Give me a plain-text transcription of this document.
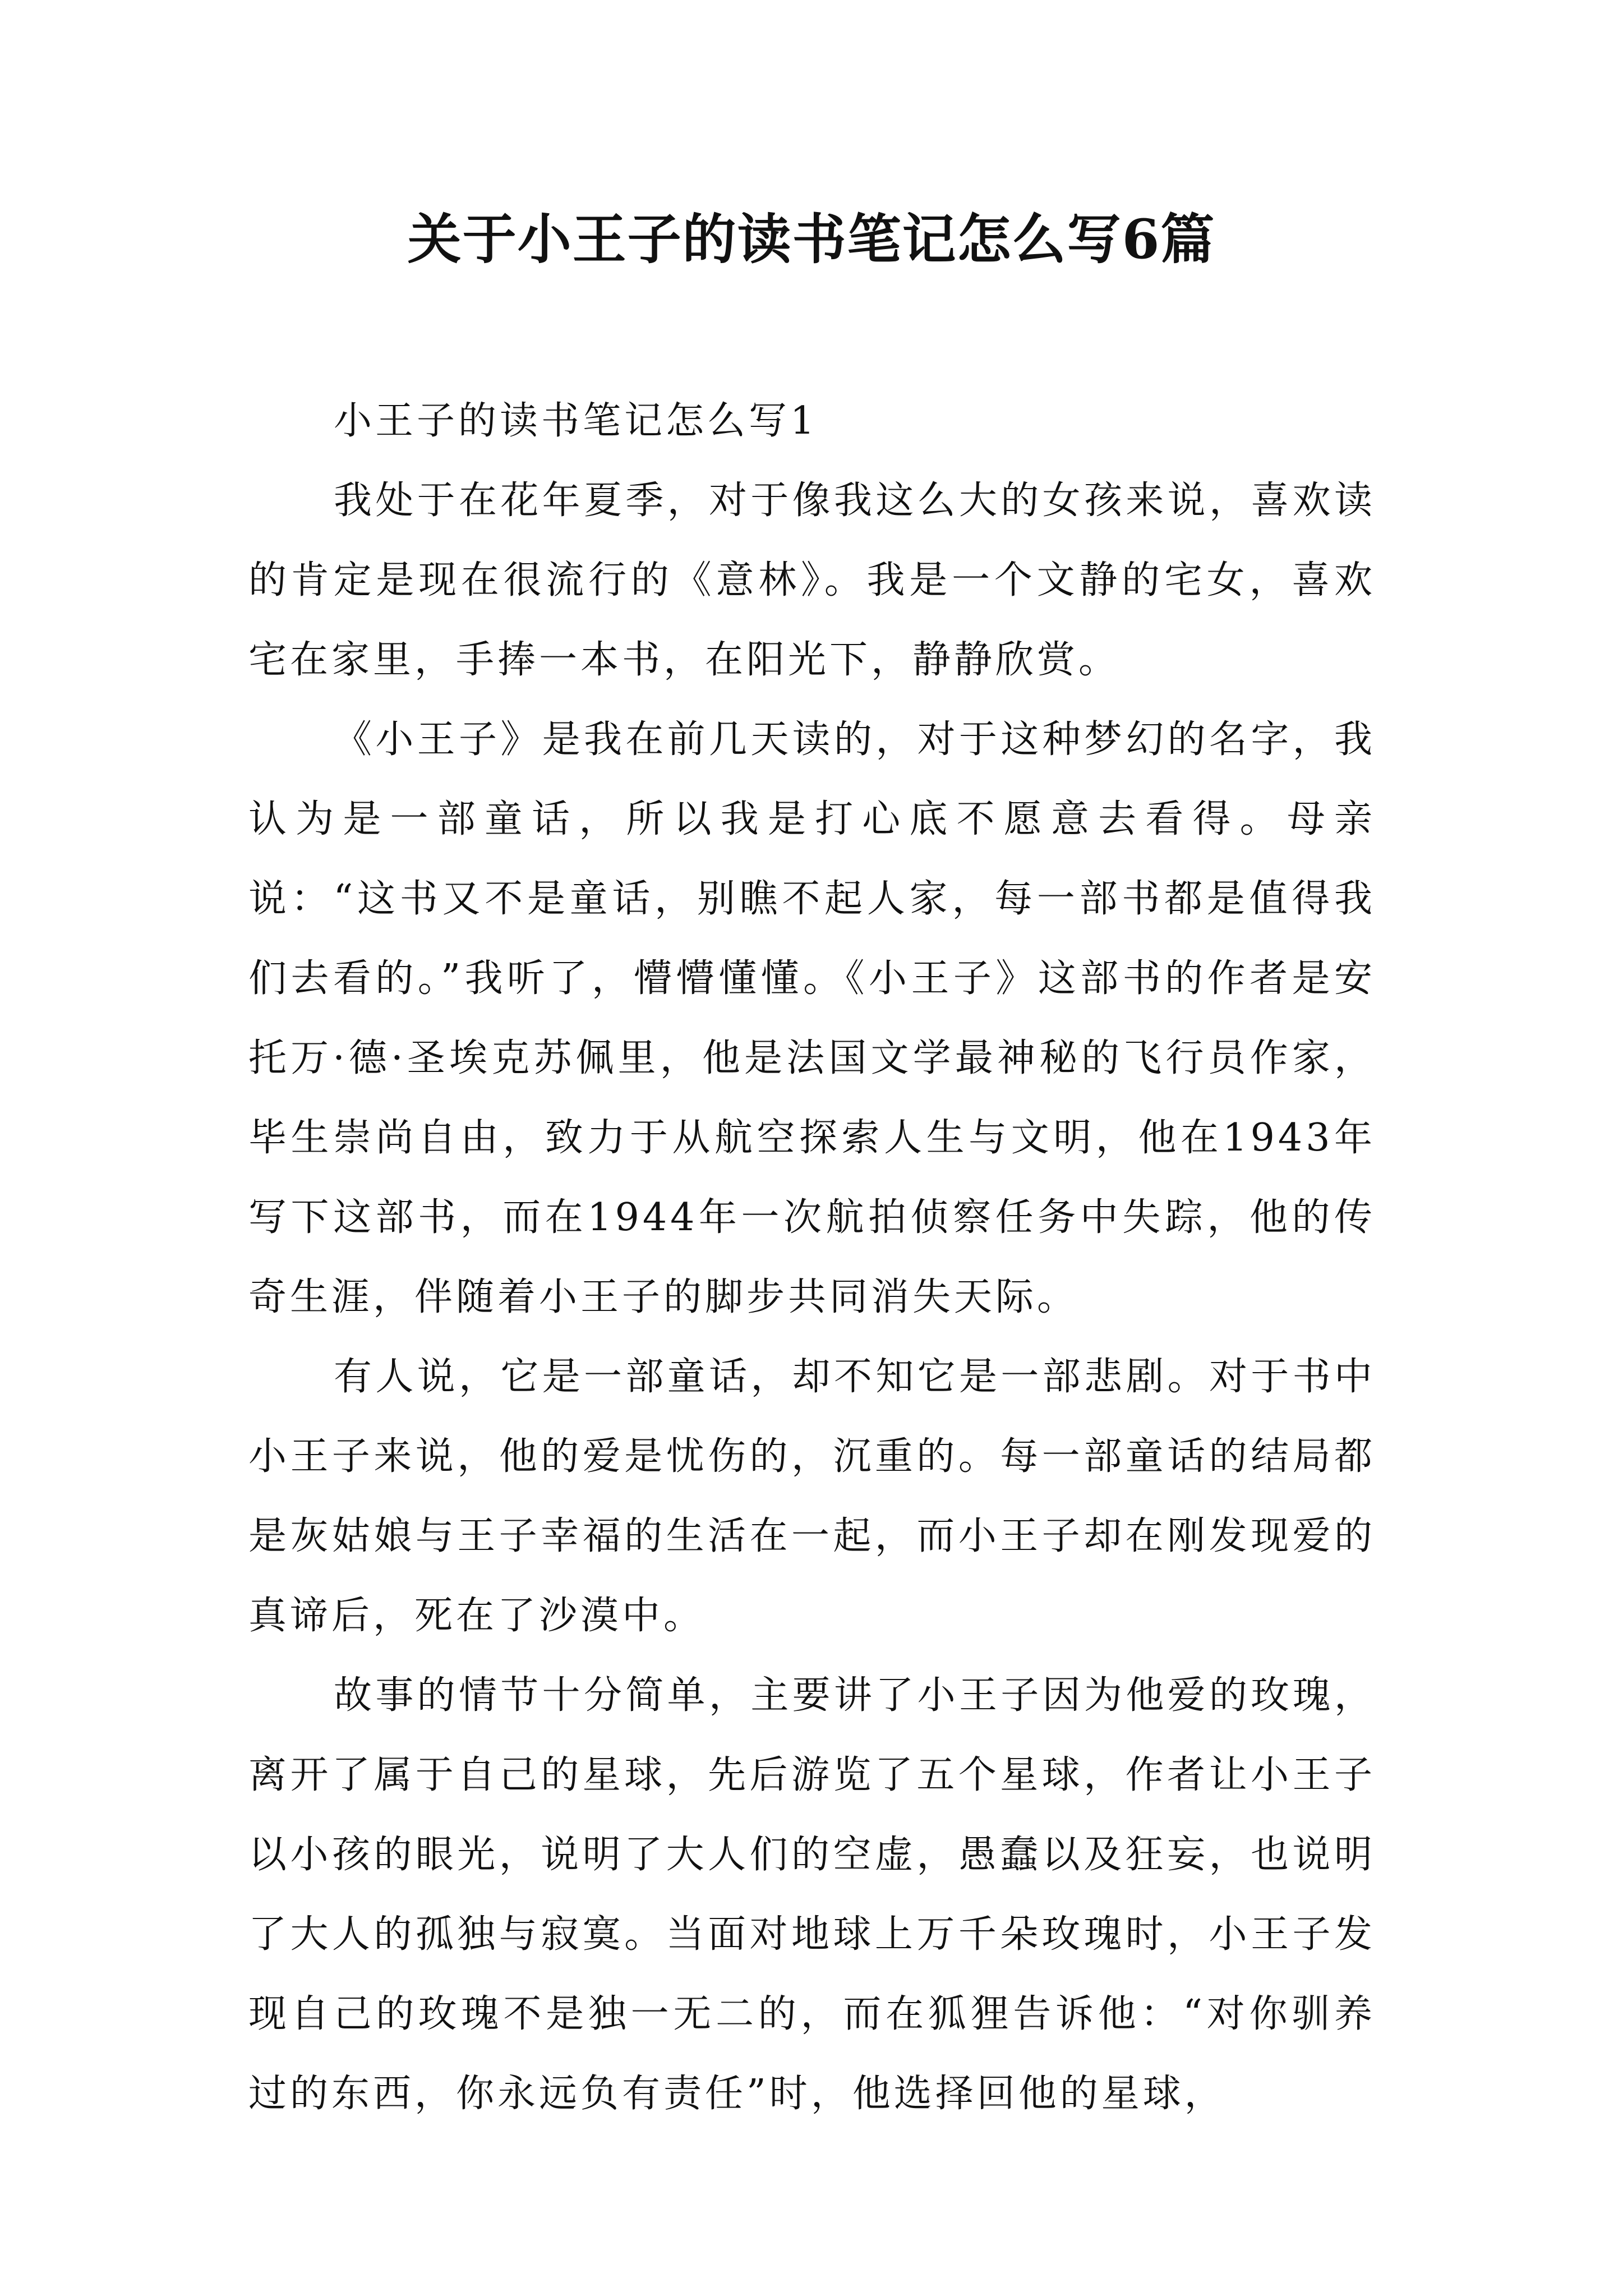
关于小王子的读书笔记怎么写6篇

小王子的读书笔记怎么写1

我处于在花年夏季，对于像我这么大的女孩来说，喜欢读的肯定是现在很流行的《意林》。我是一个文静的宅女，喜欢宅在家里，手捧一本书，在阳光下，静静欣赏。

《小王子》是我在前几天读的，对于这种梦幻的名字，我认为是一部童话，所以我是打心底不愿意去看得。母亲说：“这书又不是童话，别瞧不起人家，每一部书都是值得我们去看的。”我听了，懵懵懂懂。《小王子》这部书的作者是安托万·德·圣埃克苏佩里，他是法国文学最神秘的飞行员作家，毕生崇尚自由，致力于从航空探索人生与文明，他在1943年写下这部书，而在1944年一次航拍侦察任务中失踪，他的传奇生涯，伴随着小王子的脚步共同消失天际。

有人说，它是一部童话，却不知它是一部悲剧。对于书中小王子来说，他的爱是忧伤的，沉重的。每一部童话的结局都是灰姑娘与王子幸福的生活在一起，而小王子却在刚发现爱的真谛后，死在了沙漠中。

故事的情节十分简单，主要讲了小王子因为他爱的玫瑰，离开了属于自己的星球，先后游览了五个星球，作者让小王子以小孩的眼光，说明了大人们的空虚，愚蠢以及狂妄，也说明了大人的孤独与寂寞。当面对地球上万千朵玫瑰时，小王子发现自己的玫瑰不是独一无二的，而在狐狸告诉他：“对你驯养过的东西，你永远负有责任”时，他选择回他的星球，
